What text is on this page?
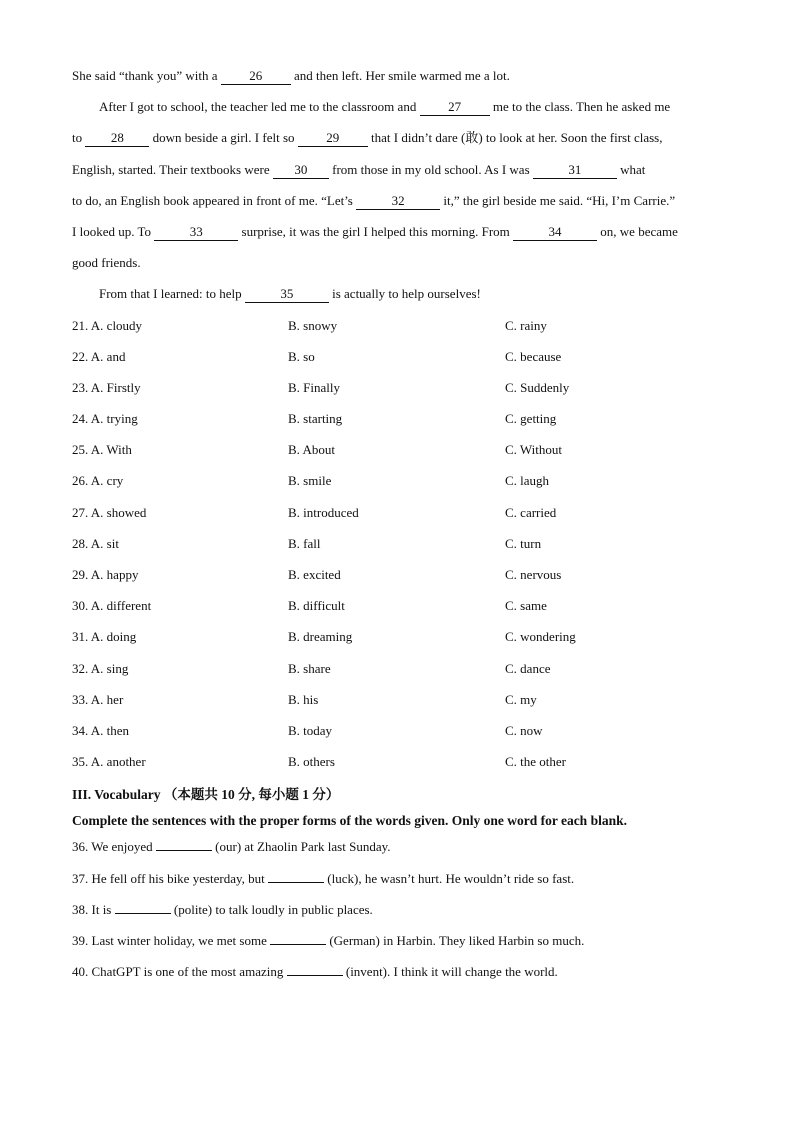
She said “thank you” with a 26 and then left. Her smile warmed me a lot.
After I got to school, the teacher led me to the classroom and 27 me to the class. Then he asked me
to 28 down beside a girl. I felt so 29 that I didn’t dare (敢) to look at her. Soon the first class,
English, started. Their textbooks were 30 from those in my old school. As I was	31	what
to do, an English book appeared in front of me. “Let’s	32	it,” the girl beside me said. “Hi, I’m Carrie.”
I looked up. To	33	surprise, it was the girl I helped this morning. From	34	on, we became
good friends.
From that I learned: to help	35	is actually to help ourselves!
21. A. cloudy	B. snowy	C. rainy
22. A. and	B. so	C. because
23. A. Firstly	B. Finally	C. Suddenly
24. A. trying	B. starting	C. getting
25. A. With	B. About	C. Without
26. A. cry	B. smile	C. laugh
27. A. showed	B. introduced	C. carried
28. A. sit	B. fall	C. turn
29. A. happy	B. excited	C. nervous
30. A. different	B. difficult	C. same
31. A. doing	B. dreaming	C. wondering
32. A. sing	B. share	C. dance
33. A. her	B. his	C. my
34. A. then	B. today	C. now
35. A. another	B. others	C. the other
III. Vocabulary （本题共 10 分, 每小题 1 分）
Complete the sentences with the proper forms of the words given. Only one word for each blank.
36. We enjoyed	(our) at Zhaolin Park last Sunday.
37. He fell off his bike yesterday, but	(luck), he wasn’t hurt. He wouldn’t ride so fast.
38. It is	(polite) to talk loudly in public places.
39. Last winter holiday, we met some	(German) in Harbin. They liked Harbin so much.
40. ChatGPT is one of the most amazing	(invent). I think it will change the world.
